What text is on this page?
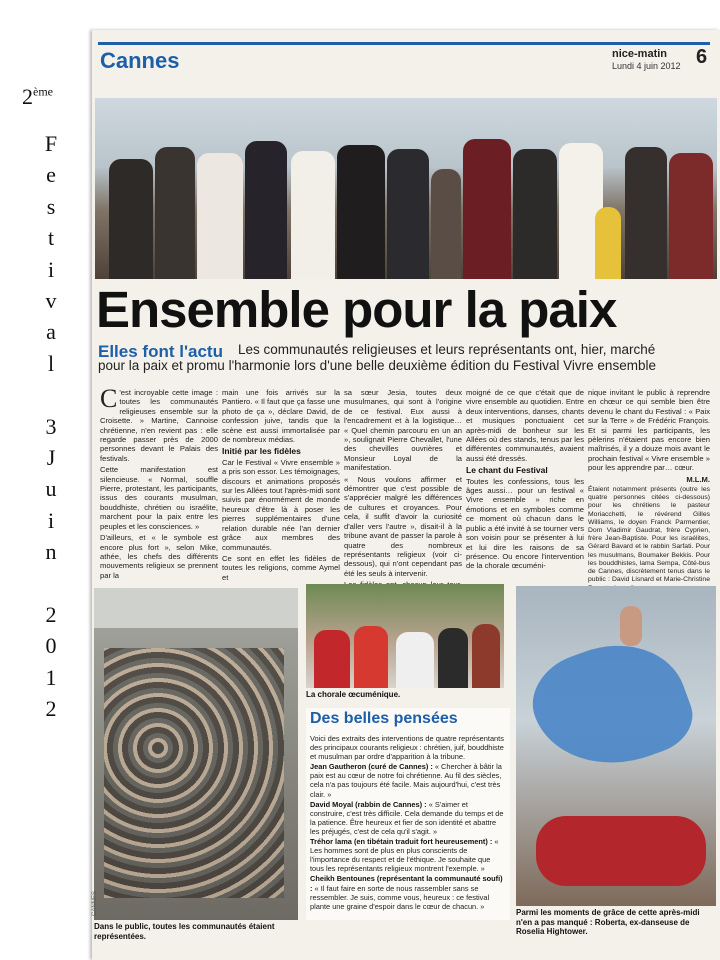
2ème
F
e
s
t
i
v
a
l
3
J
u
i
n
2
0
1
2
Cannes	nice-matin
Lundi 4 juin 2012 6
Ensemble pour la paix
Elles font l'actu Les communautés religieuses et leurs représentants ont, hier, marché
pour la paix et promu l'harmonie lors d'une belle deuxième édition du Festival Vivre ensemble

C 'est incroyable cette image : toutes les communautés religieuses ensemble sur la Croisette. » Martine, Cannoise chrétienne, n'en revient pas : elle regarde passer près de 2000 personnes devant le Palais des festivals.

Cette manifestation est silencieuse. « Normal, souffle Pierre, protestant, les participants, issus des courants musulman, bouddhiste, chrétien ou israélite, marchent pour la paix entre les peuples et les consciences. »

D'ailleurs, et « le symbole est encore plus fort », selon Mike, athée, les chefs des différents mouvements religieux se prennent par la

main une fois arrivés sur la Pantiero. « Il faut que ça fasse une photo de ça », déclare David, de confession juive, tandis que la scène est aussi immortalisée par de nombreux médias.

Initié par les fidèles

Car le Festival « Vivre ensemble » a pris son essor. Les témoignages, discours et animations proposés sur les Allées tout l'après-midi sont suivis par énormément de monde heureux d'être là à poser les pierres supplémentaires d'une relation durable née l'an dernier grâce aux membres des communautés.

Ce sont en effet les fidèles de toutes les religions, comme Aymel et

sa sœur Jesia, toutes deux musulmanes, qui sont à l'origine de ce festival. Eux aussi à l'encadrement et à la logistique… « Quel chemin parcouru en un an », soulignait Pierre Chevallet, l'une des chevilles ouvrières et Monsieur Loyal de la manifestation.

« Nous voulons affirmer et démontrer que c'est possible de s'apprécier malgré les différences de cultures et croyances. Pour cela, il suffit d'avoir la curiosité d'aller vers l'autre », disait-il à la tribune avant de passer la parole à quatre des nombreux représentants religieux (voir ci-dessous), qui n'ont cependant pas été les seuls à intervenir.

moigné de ce que c'était que de vivre ensemble au quotidien. Entre deux interventions, danses, chants et musiques ponctuaient cet après-midi de bonheur sur les Allées où des stands, tenus par les différentes communautés, avaient aussi été dressés.

Le chant du Festival

Toutes les confessions, tous les âges aussi… pour un festival « Vivre ensemble » riche en émotions et en symboles comme ce moment où chacun dans le public a été invité à se tourner vers son voisin pour se présenter à lui et lui dire les raisons de sa présence. Ou encore l'intervention de la chorale œcuméni-

nique invitant le public à reprendre en chœur ce qui semble bien être devenu le chant du Festival : « Paix sur la Terre » de Frédéric François. Et si parmi les participants, les pèlerins n'étaient pas encore bien maîtrisés, il y a douze mois avant le prochain festival « Vivre ensemble » pour les apprendre par… cœur.

M.L.M.

Étaient notamment présents (outre les quatre personnes citées ci-dessous) pour les chrétiens le pasteur Moriacchetti, le révérend Gilles Williams, le doyen Franck Parmentier, Dom Vladimir Gaudrat, frère Cyprien, frère Jean-Baptiste. Pour les israélites, Gérard Bavard et le rabbin Sarfati. Pour les musulmans, Boumaker Bekkis. Pour les bouddhistes, lama Sempa, Côté-bus de Cannes, discrètement tenus dans le public : David Lisnard et Marie-Christine

Dans le public, toutes les communautés étaient représentées.
La chorale œcuménique.
Des belles pensées

Voici des extraits des interventions de quatre représentants des principaux courants religieux : chrétien, juif, bouddhiste et musulman par ordre d'apparition à la tribune.

Jean Gautheron (curé de Cannes) : « Chercher à bâtir la paix est au cœur de notre foi chrétienne. Au fil des siècles, cela n'a pas toujours été facile. Mais aujourd'hui, c'est très clair. »

David Moyal (rabbin de Cannes) : « S'aimer et construire, c'est très difficile. Cela demande du temps et de la patience. Être heureux et fier de son identité et abattre les préjugés, c'est de cela qu'il s'agit. »

Tréhor lama (en tibétain traduit fort heureusement) : « Les hommes sont de plus en plus conscients de l'importance du respect et de l'éthique. Je souhaite que tous les représentants religieux montrent l'exemple. »

Cheikh Bentounes (représentant la communauté soufi) : « Il faut faire en sorte de nous rassembler sans se ressembler. Je suis, comme vous, heureux : ce festival plante une graine d'espoir dans le cœur de chacun. »

Parmi les moments de grâce de cette après-midi n'en a pas manqué : Roberta, ex-danseuse de Roselia Hightower.
CANNES
